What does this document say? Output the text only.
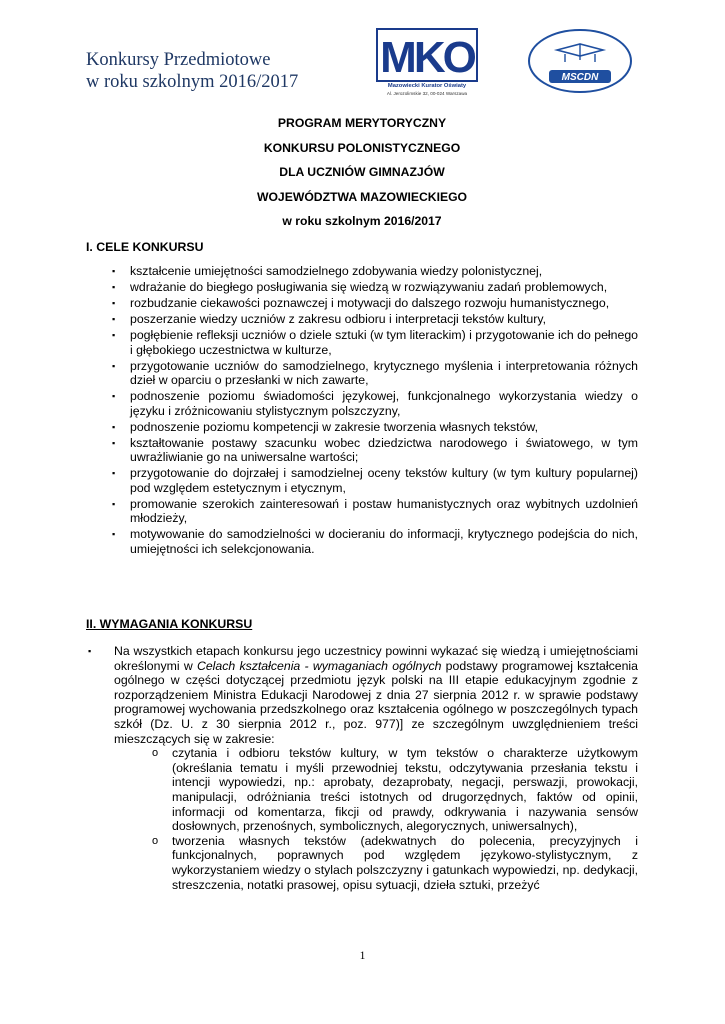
Konkursy Przedmiotowe
w roku szkolnym 2016/2017	MKO
Mazowiecki Kurator Oświaty
Al. Jerozolimskie 32, 00-024 Warszawa
MSCDN
PROGRAM MERYTORYCZNY
KONKURSU POLONISTYCZNEGO
DLA UCZNIÓW GIMNAZJÓW
WOJEWÓDZTWA MAZOWIECKIEGO
w roku szkolnym 2016/2017
I. CELE KONKURSU
▪ kształcenie umiejętności samodzielnego zdobywania wiedzy polonistycznej,
▪ wdrażanie do biegłego posługiwania się wiedzą w rozwiązywaniu zadań problemowych,
▪ rozbudzanie ciekawości poznawczej i motywacji do dalszego rozwoju humanistycznego,
▪ poszerzanie wiedzy uczniów z zakresu odbioru i interpretacji tekstów kultury,
▪ pogłębienie refleksji uczniów o dziele sztuki (w tym literackim) i przygotowanie ich do pełnego i głębokiego uczestnictwa w kulturze,
▪ przygotowanie uczniów do samodzielnego, krytycznego myślenia i interpretowania różnych dzieł w oparciu o przesłanki w nich zawarte,
▪ podnoszenie poziomu świadomości językowej, funkcjonalnego wykorzystania wiedzy o języku i zróżnicowaniu stylistycznym polszczyzny,
▪ podnoszenie poziomu kompetencji w zakresie tworzenia własnych tekstów,
▪ kształtowanie postawy szacunku wobec dziedzictwa narodowego i światowego, w tym uwrażliwianie go na uniwersalne wartości;
▪ przygotowanie do dojrzałej i samodzielnej oceny tekstów kultury (w tym kultury popularnej) pod względem estetycznym i etycznym,
▪ promowanie szerokich zainteresowań i postaw humanistycznych oraz wybitnych uzdolnień młodzieży,
▪ motywowanie do samodzielności w docieraniu do informacji, krytycznego podejścia do nich, umiejętności ich selekcjonowania.
II. WYMAGANIA KONKURSU
▪ Na wszystkich etapach konkursu jego uczestnicy powinni wykazać się wiedzą i umiejętnościami określonymi w Celach kształcenia - wymaganiach ogólnych podstawy programowej kształcenia ogólnego w części dotyczącej przedmiotu język polski na III etapie edukacyjnym zgodnie z rozporządzeniem Ministra Edukacji Narodowej z dnia 27 sierpnia 2012 r. w sprawie podstawy programowej wychowania przedszkolnego oraz kształcenia ogólnego w poszczególnych typach szkół (Dz. U. z 30 sierpnia 2012 r., poz. 977)] ze szczególnym uwzględnieniem treści mieszczących się w zakresie:
o czytania i odbioru tekstów kultury, w tym tekstów o charakterze użytkowym (określania tematu i myśli przewodniej tekstu, odczytywania przesłania tekstu i intencji wypowiedzi, np.: aprobaty, dezaprobaty, negacji, perswazji, prowokacji, manipulacji, odróżniania treści istotnych od drugorzędnych, faktów od opinii, informacji od komentarza, fikcji od prawdy, odkrywania i nazywania sensów dosłownych, przenośnych, symbolicznych, alegorycznych, uniwersalnych),
o tworzenia własnych tekstów (adekwatnych do polecenia, precyzyjnych i funkcjonalnych, poprawnych pod względem językowo-stylistycznym, z wykorzystaniem wiedzy o stylach polszczyzny i gatunkach wypowiedzi, np. dedykacji, streszczenia, notatki prasowej, opisu sytuacji, dzieła sztuki, przeżyć
1
